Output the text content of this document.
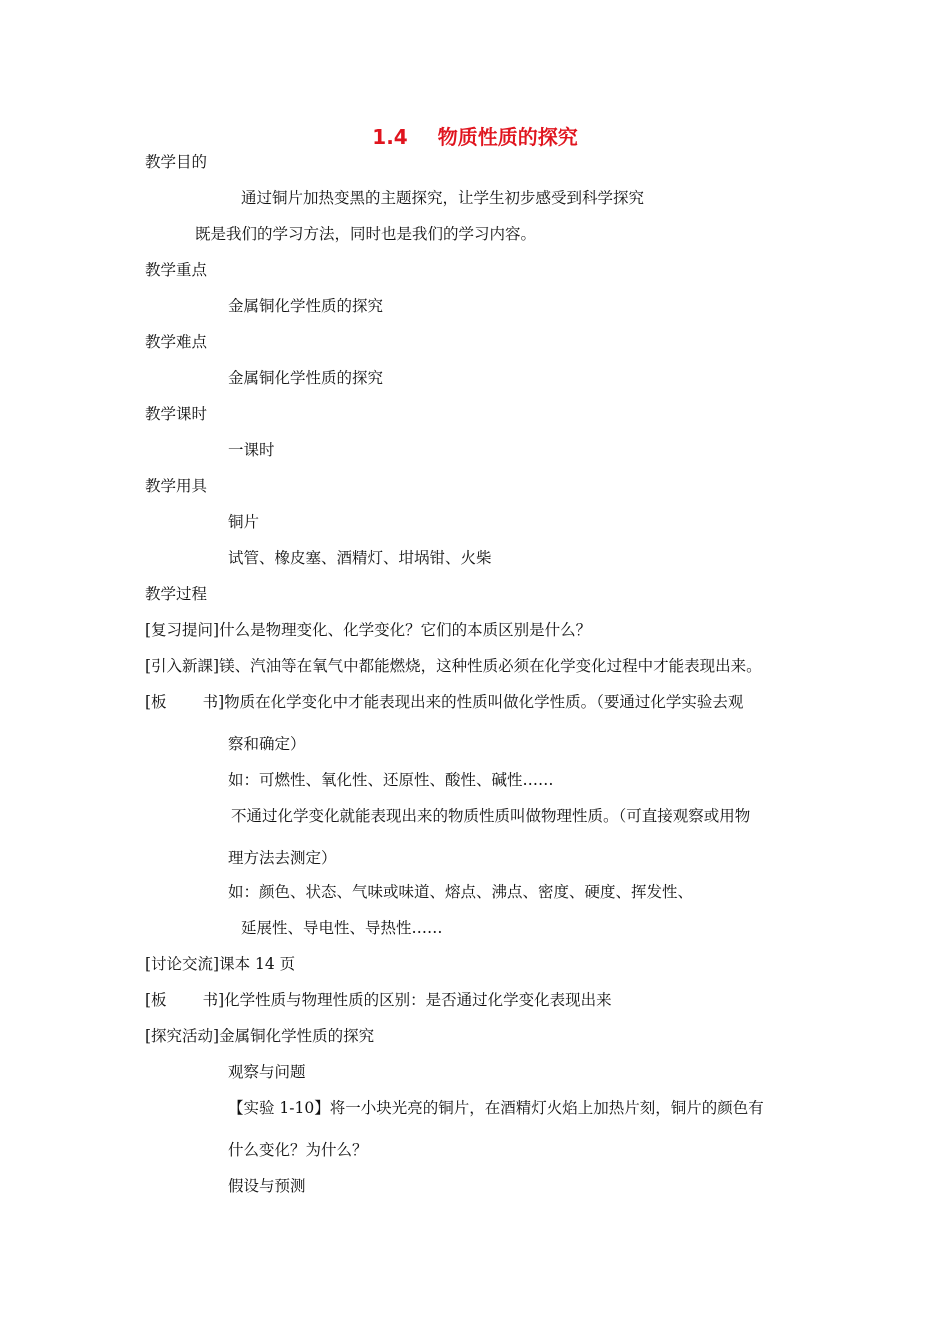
1.4 物质性质的探究
教学目的
通过铜片加热变黑的主题探究，让学生初步感受到科学探究
既是我们的学习方法，同时也是我们的学习内容。
教学重点
金属铜化学性质的探究
教学难点
金属铜化学性质的探究
教学课时
一课时
教学用具
铜片
试管、橡皮塞、酒精灯、坩埚钳、火柴
教学过程
[复习提问]什么是物理变化、化学变化？它们的本质区别是什么？
[引入新課]镁、汽油等在氧气中都能燃烧，这种性质必须在化学变化过程中才能表现出来。
[板 书]物质在化学变化中才能表现出来的性质叫做化学性质。（要通过化学实验去观
察和确定）
如：可燃性、氧化性、还原性、酸性、碱性……
不通过化学变化就能表现出来的物质性质叫做物理性质。（可直接观察或用物
理方法去测定）
如：颜色、状态、气味或味道、熔点、沸点、密度、硬度、挥发性、
延展性、导电性、导热性……
[讨论交流]课本 14 页
[板 书]化学性质与物理性质的区别：是否通过化学变化表现出来
[探究活动]金属铜化学性质的探究
观察与问题
【实验 1-10】将一小块光亮的铜片，在酒精灯火焰上加热片刻，铜片的颜色有
什么变化？为什么？
假设与预测
